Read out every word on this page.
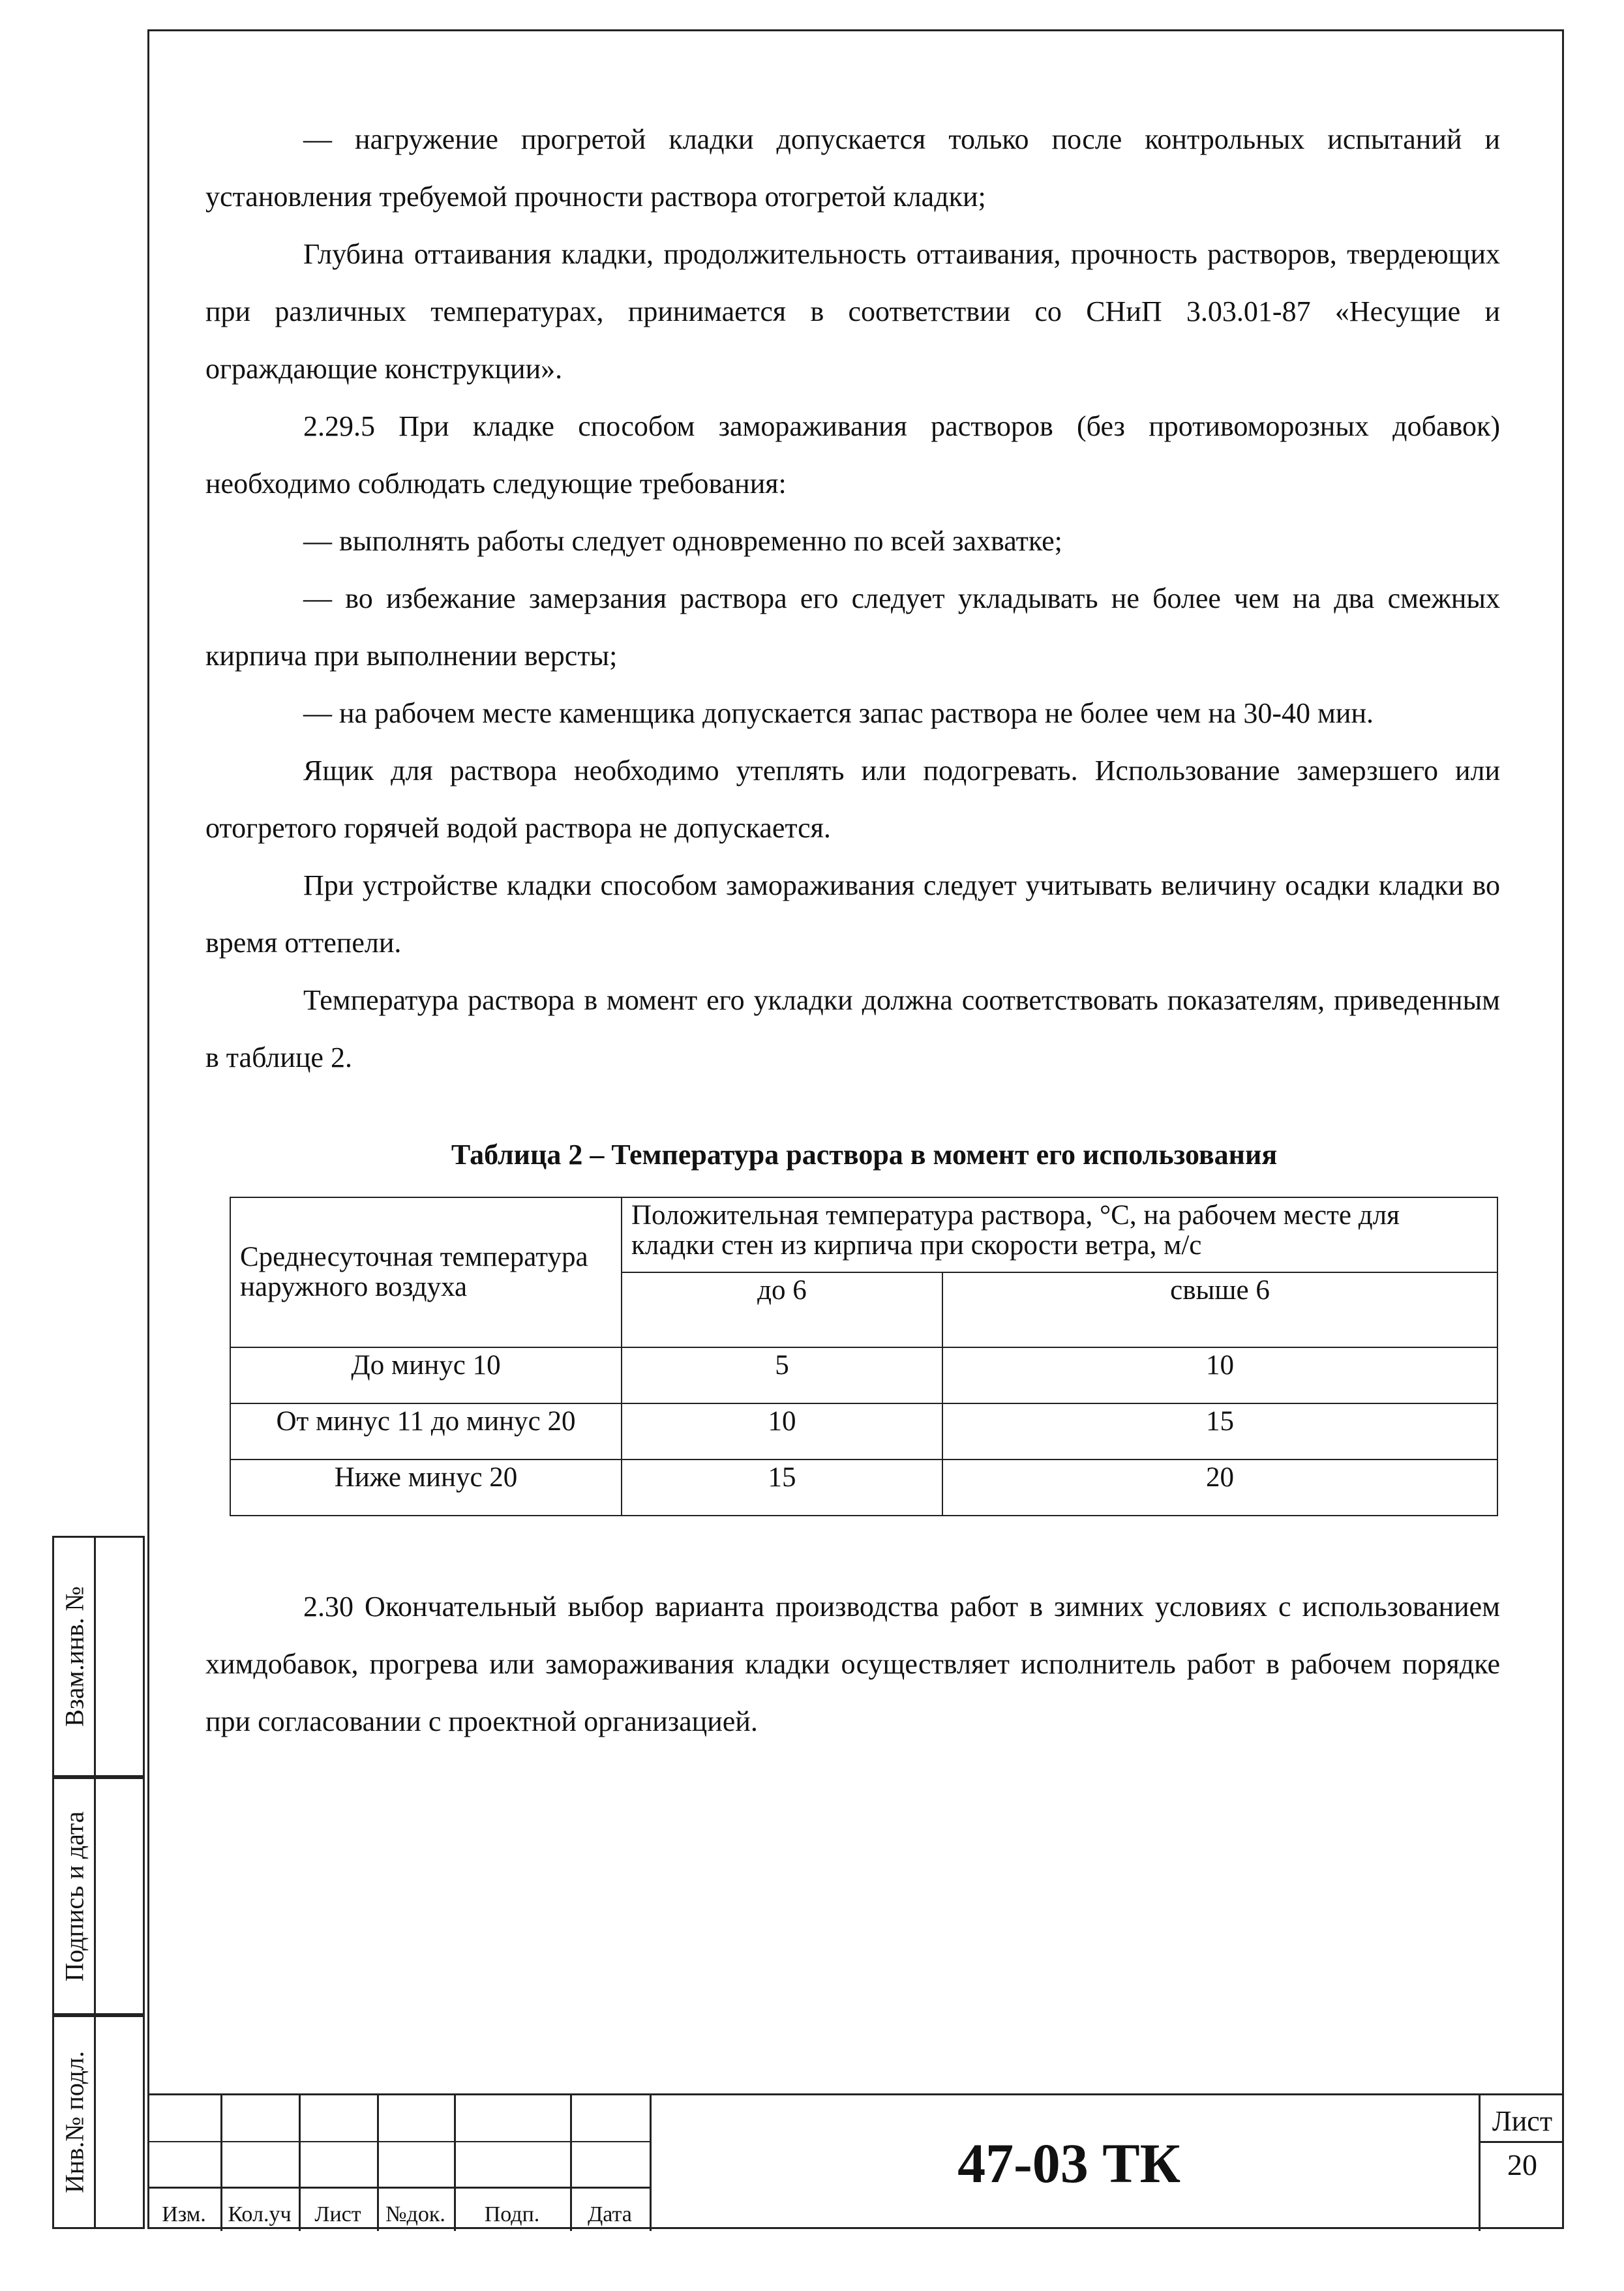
— нагружение прогретой кладки допускается только после контрольных испытаний и установления требуемой прочности раствора отогретой кладки;

Глубина оттаивания кладки, продолжительность оттаивания, прочность растворов, твердеющих при различных температурах, принимается в соответствии со СНиП 3.03.01-87 «Несущие и ограждающие конструкции».

2.29.5 При кладке способом замораживания растворов (без противоморозных добавок) необходимо соблюдать следующие требования:

— выполнять работы следует одновременно по всей захватке;

— во избежание замерзания раствора его следует укладывать не более чем на два смежных кирпича при выполнении версты;

— на рабочем месте каменщика допускается запас раствора не более чем на 30-40 мин.

Ящик для раствора необходимо утеплять или подогревать. Использование замерзшего или отогретого горячей водой раствора не допускается.

При устройстве кладки способом замораживания следует учитывать величину осадки кладки во время оттепели.

Температура раствора в момент его укладки должна соответствовать показателям, приведенным в таблице 2.

Таблица 2 – Температура раствора в момент его использования
Среднесуточная температура наружного воздуха	Положительная температура раствора, °С, на рабочем месте для кладки стен из кирпича при скорости ветра, м/с	
	до 6	свыше 6
До минус 10	5	10
От минус 11 до минус 20	10	15
Ниже минус 20	15	20

2.30 Окончательный выбор варианта производства работ в зимних условиях с использованием химдобавок, прогрева или замораживания кладки осуществляет исполнитель работ в рабочем порядке при согласовании с проектной организацией.

Взам.инв. №
Подпись и дата
Инв.№ подл.
Изм. Кол.уч	Лист	№док.	Подп.	Дата
47-03 ТК
Лист
20
